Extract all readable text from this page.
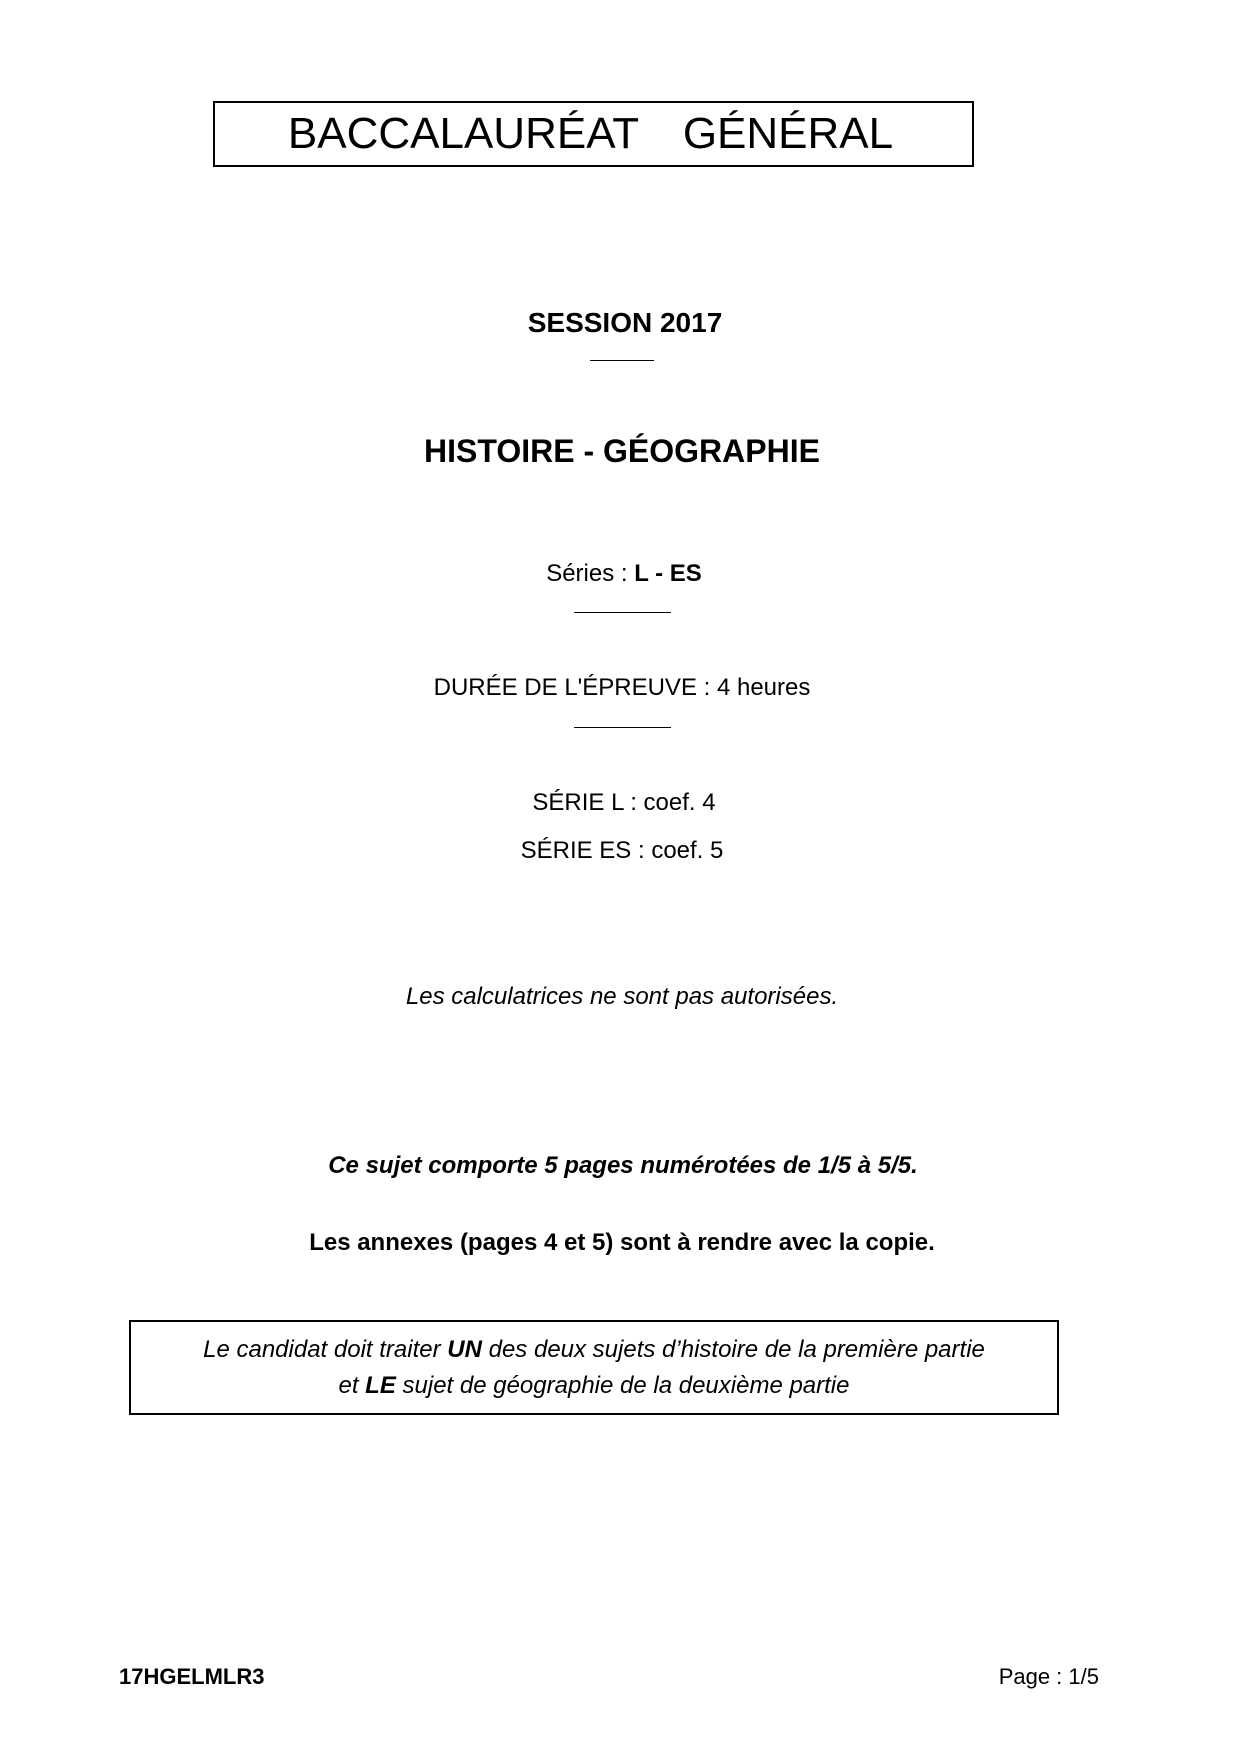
BACCALAURÉAT  GÉNÉRAL
SESSION 2017
HISTOIRE - GÉOGRAPHIE
Séries : L - ES
DURÉE DE L'ÉPREUVE : 4 heures
SÉRIE L : coef. 4
SÉRIE ES : coef. 5
Les calculatrices ne sont pas autorisées.
Ce sujet comporte 5 pages numérotées de 1/5 à 5/5.
Les annexes (pages 4 et 5) sont à rendre avec la copie.
Le candidat doit traiter UN des deux sujets d’histoire de la première partie
et LE sujet de géographie de la deuxième partie
17HGELMLR3	Page : 1/5
